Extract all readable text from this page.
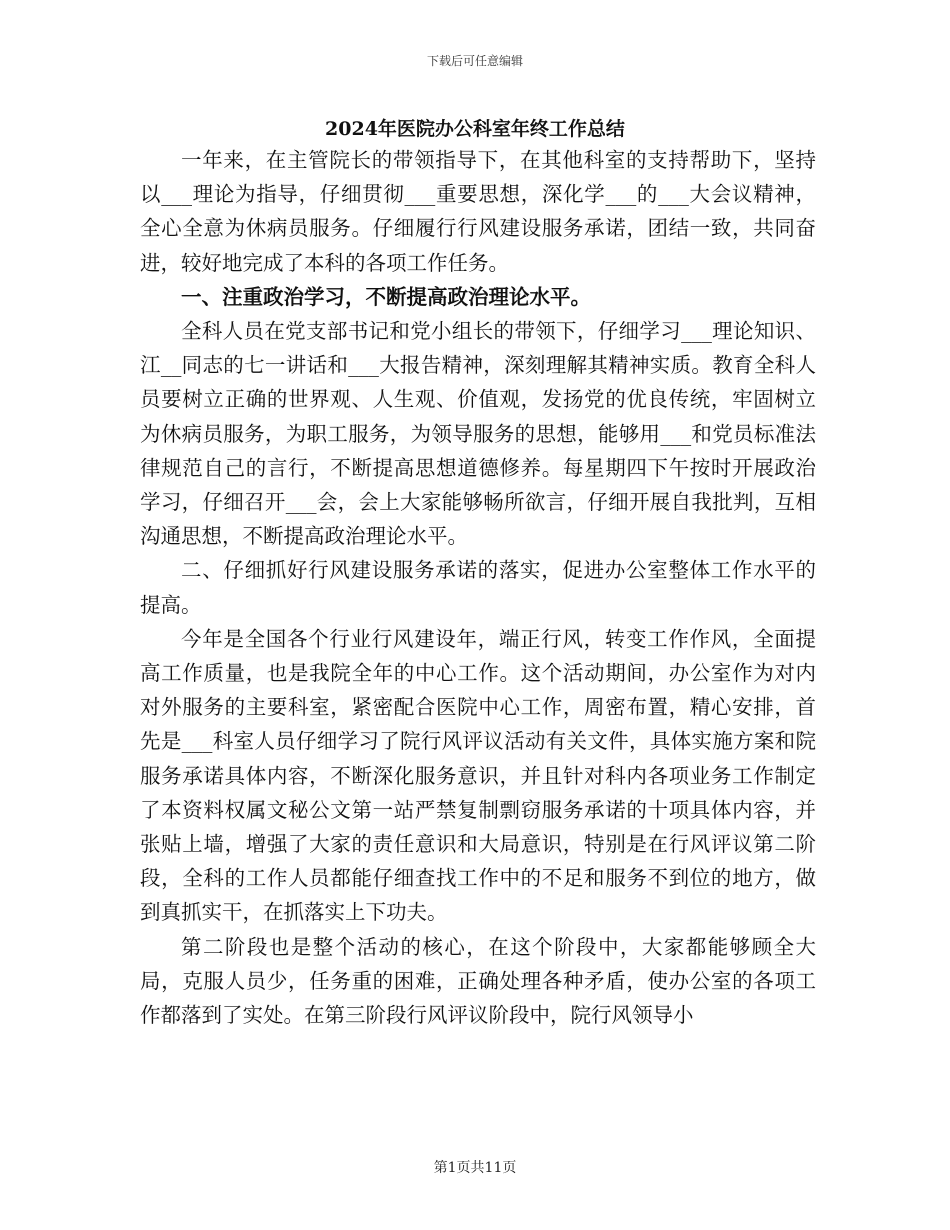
下载后可任意编辑
2024年医院办公科室年终工作总结

一年来，在主管院长的带领指导下，在其他科室的支持帮助下，坚持以___理论为指导，仔细贯彻___重要思想，深化学___的___大会议精神，全心全意为休病员服务。仔细履行行风建设服务承诺，团结一致，共同奋进，较好地完成了本科的各项工作任务。

一、注重政治学习，不断提高政治理论水平。

全科人员在党支部书记和党小组长的带领下，仔细学习___理论知识、江__同志的七一讲话和___大报告精神，深刻理解其精神实质。教育全科人员要树立正确的世界观、人生观、价值观，发扬党的优良传统，牢固树立为休病员服务，为职工服务，为领导服务的思想，能够用___和党员标准法律规范自己的言行，不断提高思想道德修养。每星期四下午按时开展政治学习，仔细召开___会，会上大家能够畅所欲言，仔细开展自我批判，互相沟通思想，不断提高政治理论水平。

二、仔细抓好行风建设服务承诺的落实，促进办公室整体工作水平的提高。

今年是全国各个行业行风建设年，端正行风，转变工作作风，全面提高工作质量，也是我院全年的中心工作。这个活动期间，办公室作为对内对外服务的主要科室，紧密配合医院中心工作，周密布置，精心安排，首先是___科室人员仔细学习了院行风评议活动有关文件，具体实施方案和院服务承诺具体内容，不断深化服务意识，并且针对科内各项业务工作制定了本资料权属文秘公文第一站严禁复制剽窃服务承诺的十项具体内容，并张贴上墙，增强了大家的责任意识和大局意识，特别是在行风评议第二阶段，全科的工作人员都能仔细查找工作中的不足和服务不到位的地方，做到真抓实干，在抓落实上下功夫。

第二阶段也是整个活动的核心，在这个阶段中，大家都能够顾全大局，克服人员少，任务重的困难，正确处理各种矛盾，使办公室的各项工作都落到了实处。在第三阶段行风评议阶段中，院行风领导小

第1页共11页
